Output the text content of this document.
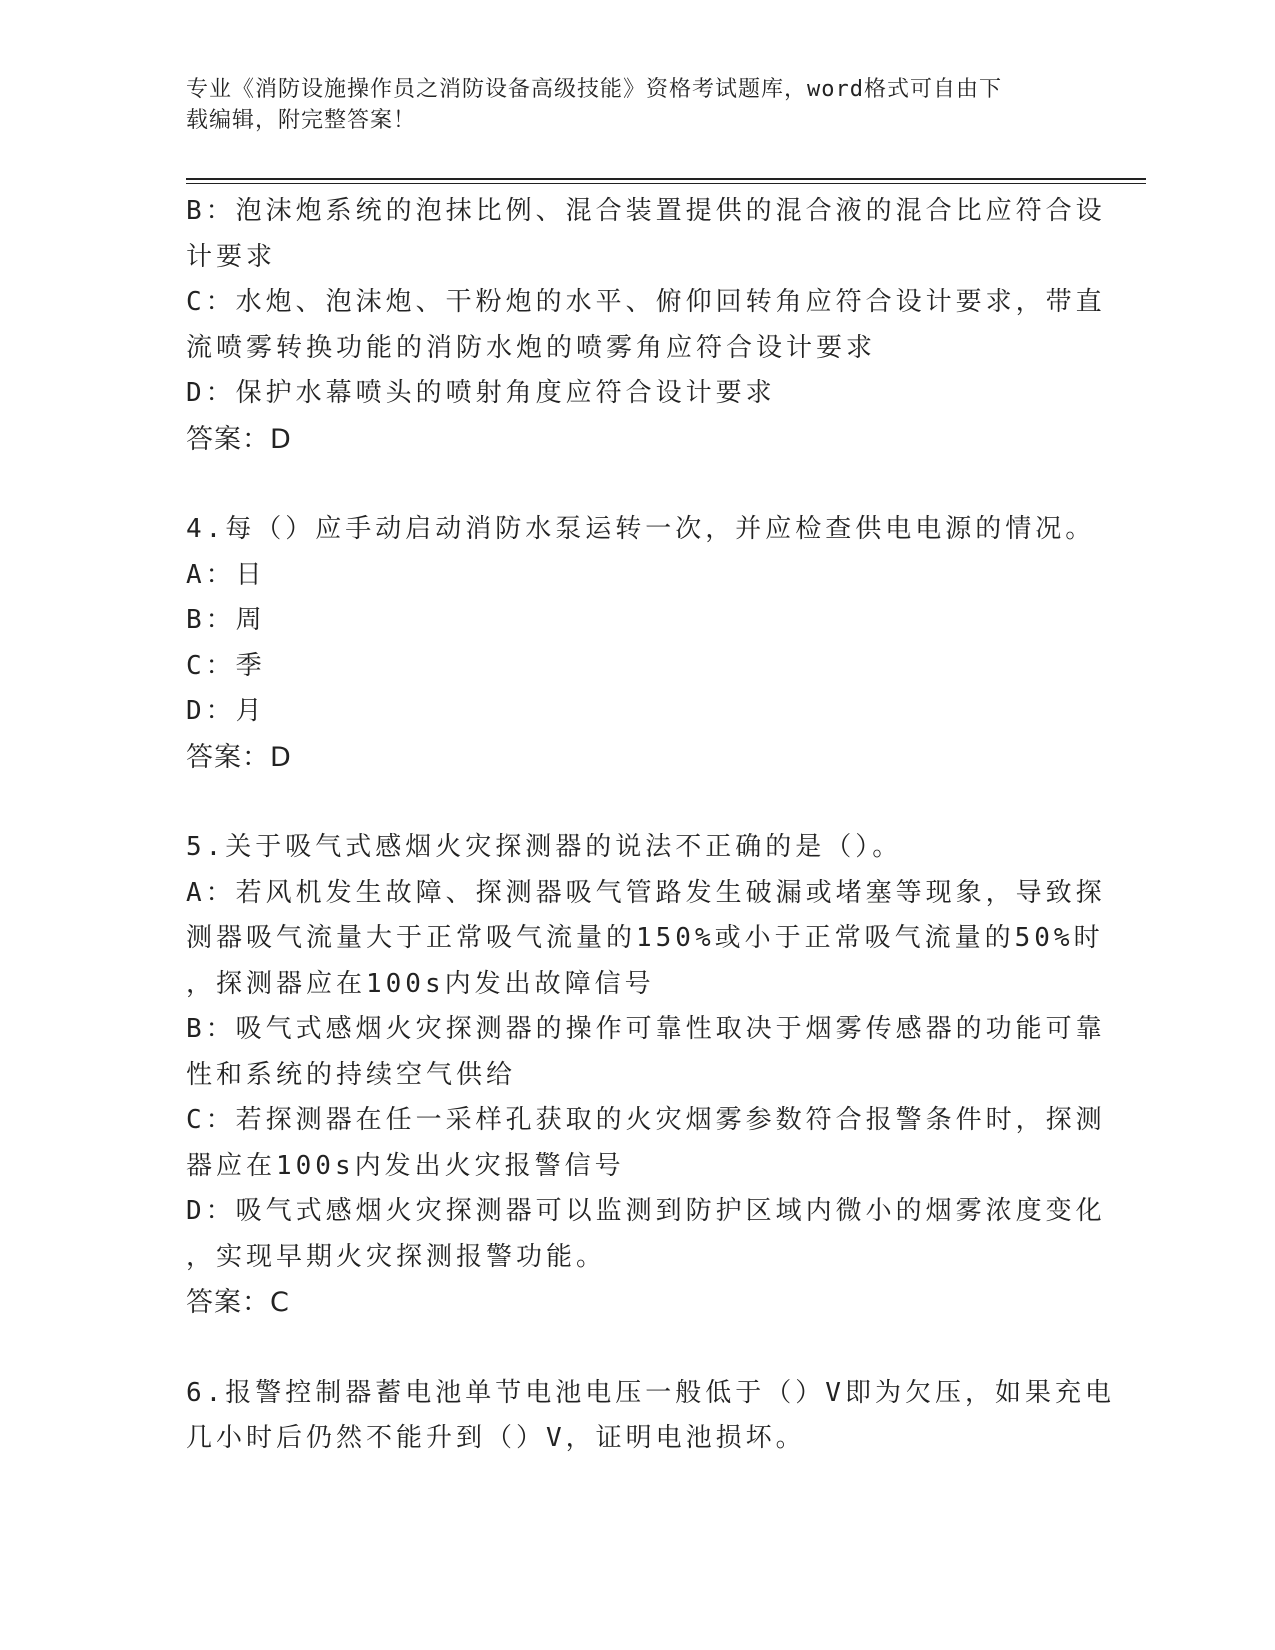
专业《消防设施操作员之消防设备高级技能》资格考试题库，word格式可自由下
载编辑，附完整答案！
B：泡沫炮系统的泡抹比例、混合装置提供的混合液的混合比应符合设
计要求
C：水炮、泡沫炮、干粉炮的水平、俯仰回转角应符合设计要求，带直
流喷雾转换功能的消防水炮的喷雾角应符合设计要求
D：保护水幕喷头的喷射角度应符合设计要求
答案：D
4.每（）应手动启动消防水泵运转一次，并应检查供电电源的情况。
A：日
B：周
C：季
D：月
答案：D
5.关于吸气式感烟火灾探测器的说法不正确的是（）。
A：若风机发生故障、探测器吸气管路发生破漏或堵塞等现象，导致探
测器吸气流量大于正常吸气流量的150%或小于正常吸气流量的50%时
，探测器应在100s内发出故障信号
B：吸气式感烟火灾探测器的操作可靠性取决于烟雾传感器的功能可靠
性和系统的持续空气供给
C：若探测器在任一采样孔获取的火灾烟雾参数符合报警条件时，探测
器应在100s内发出火灾报警信号
D：吸气式感烟火灾探测器可以监测到防护区域内微小的烟雾浓度变化
，实现早期火灾探测报警功能。
答案：C
6.报警控制器蓄电池单节电池电压一般低于（）V即为欠压，如果充电
几小时后仍然不能升到（）V，证明电池损坏。
